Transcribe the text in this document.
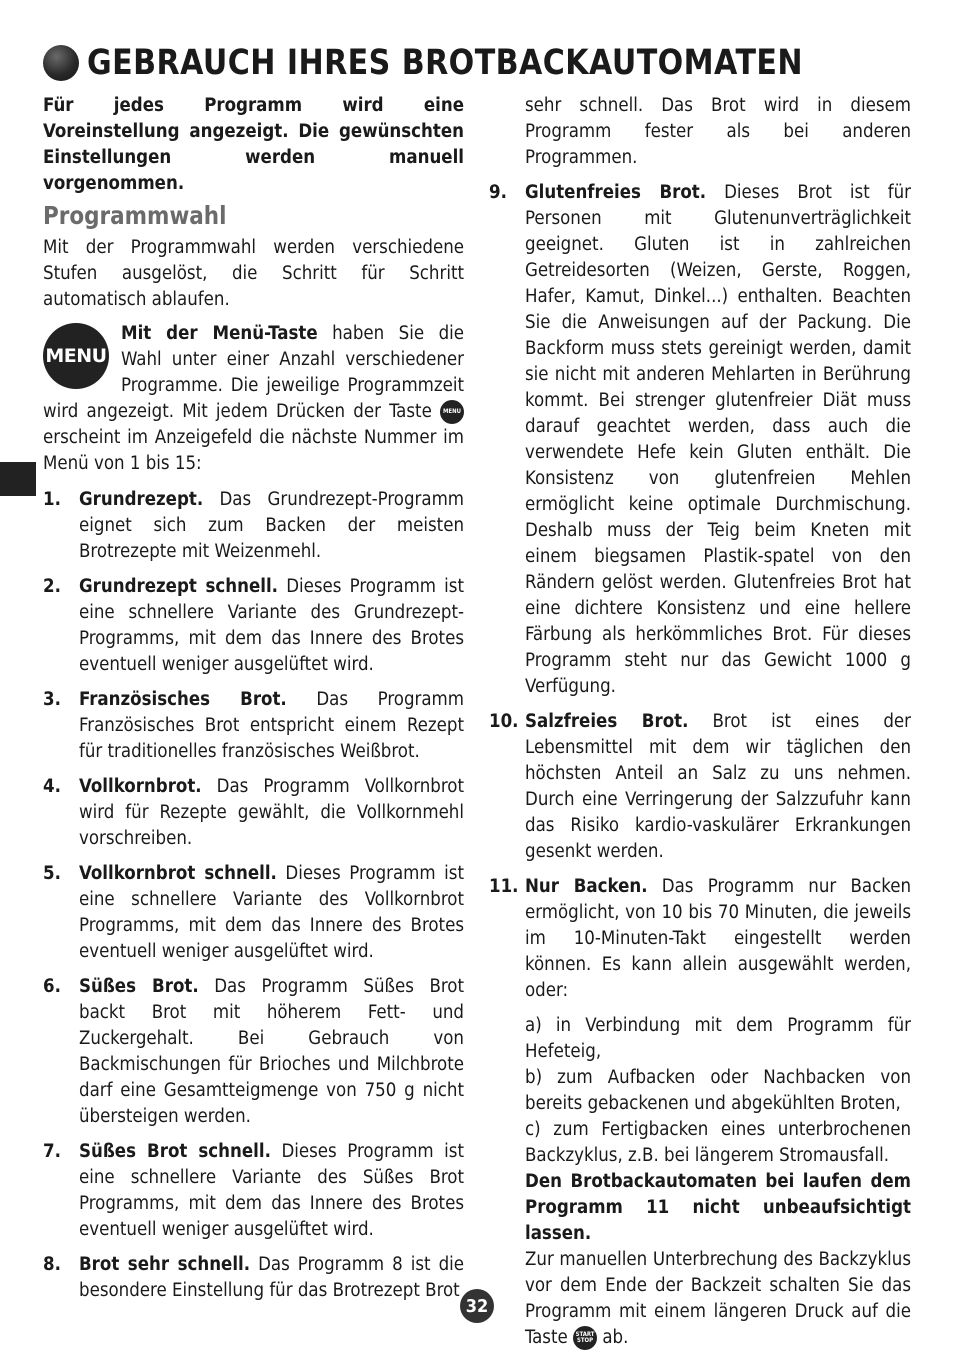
GEBRAUCH IHRES BROTBACKAUTOMATEN

Für jedes Programm wird eine Voreinstellung angezeigt. Die gewünschten Einstellungen werden manuell vorgenommen.

Programmwahl

Mit der Programmwahl werden verschiedene Stufen ausgelöst, die Schritt für Schritt automatisch ablaufen.

MENU

Mit der Menü-Taste haben Sie die Wahl unter einer Anzahl verschiedener Programme. Die jeweilige Programmzeit wird angezeigt. Mit jedem Drücken der Taste MENU erscheint im Anzeigefeld die nächste Nummer im Menü von 1 bis 15:

1. Grundrezept. Das Grundrezept-Programm eignet sich zum Backen der meisten Brotrezepte mit Weizenmehl.

2. Grundrezept schnell. Dieses Programm ist eine schnellere Variante des Grundrezept-Programms, mit dem das Innere des Brotes eventuell weniger ausgelüftet wird.

3. Französisches Brot. Das Programm Französisches Brot entspricht einem Rezept für traditionelles französisches Weißbrot.

4. Vollkornbrot. Das Programm Vollkornbrot wird für Rezepte gewählt, die Vollkornmehl vorschreiben.

5. Vollkornbrot schnell. Dieses Programm ist eine schnellere Variante des Vollkornbrot Programms, mit dem das Innere des Brotes eventuell weniger ausgelüftet wird.

6. Süßes Brot. Das Programm Süßes Brot backt Brot mit höherem Fett- und Zuckergehalt. Bei Gebrauch von Backmischungen für Brioches und Milchbrote darf eine Gesamtteigmenge von 750 g nicht übersteigen werden.

7. Süßes Brot schnell. Dieses Programm ist eine schnellere Variante des Süßes Brot Programms, mit dem das Innere des Brotes eventuell weniger ausgelüftet wird.

8. Brot sehr schnell. Das Programm 8 ist die besondere Einstellung für das Brotrezept Brot

sehr schnell. Das Brot wird in diesem Programm fester als bei anderen Programmen.

9. Glutenfreies Brot. Dieses Brot ist für Personen mit Glutenunverträglichkeit geeignet. Gluten ist in zahlreichen Getreidesorten (Weizen, Gerste, Roggen, Hafer, Kamut, Dinkel...) enthalten. Beachten Sie die Anweisungen auf der Packung. Die Backform muss stets gereinigt werden, damit sie nicht mit anderen Mehlarten in Berührung kommt. Bei strenger glutenfreier Diät muss darauf geachtet werden, dass auch die verwendete Hefe kein Gluten enthält. Die Konsistenz von glutenfreien Mehlen ermöglicht keine optimale Durchmischung. Deshalb muss der Teig beim Kneten mit einem biegsamen Plastik-spatel von den Rändern gelöst werden. Glutenfreies Brot hat eine dichtere Konsistenz und eine hellere Färbung als herkömmliches Brot. Für dieses Programm steht nur das Gewicht 1000 g Verfügung.

10. Salzfreies Brot. Brot ist eines der Lebensmittel mit dem wir täglichen den höchsten Anteil an Salz zu uns nehmen. Durch eine Verringerung der Salzzufuhr kann das Risiko kardio-vaskulärer Erkrankungen gesenkt werden.

11. Nur Backen. Das Programm nur Backen ermöglicht, von 10 bis 70 Minuten, die jeweils im 10-Minuten-Takt eingestellt werden können. Es kann allein ausgewählt werden, oder:

a) in Verbindung mit dem Programm für Hefeteig,

b) zum Aufbacken oder Nachbacken von bereits gebackenen und abgekühlten Broten,

c) zum Fertigbacken eines unterbrochenen Backzyklus, z.B. bei längerem Stromausfall.

Den Brotbackautomaten bei laufen dem Programm 11 nicht unbeaufsichtigt lassen.

Zur manuellen Unterbrechung des Backzyklus vor dem Ende der Backzeit schalten Sie das Programm mit einem längeren Druck auf die Taste START
STOP ab.

32
